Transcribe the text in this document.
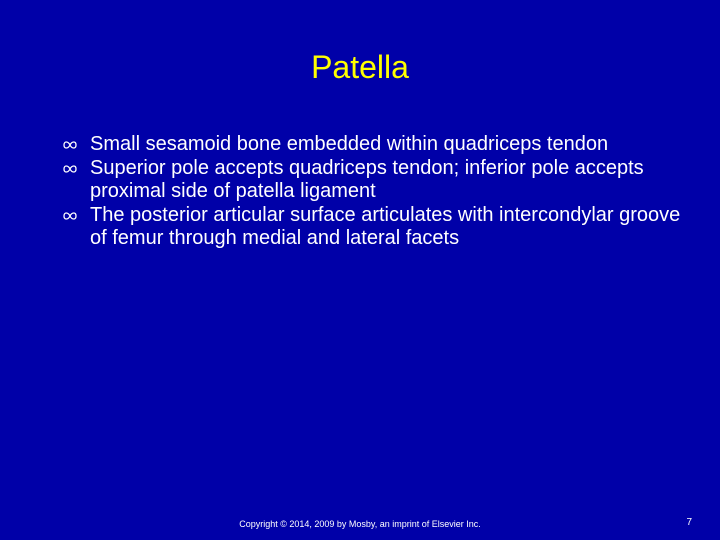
Patella
Small sesamoid bone embedded within quadriceps tendon
Superior pole accepts quadriceps tendon; inferior pole accepts proximal side of patella ligament
The posterior articular surface articulates with intercondylar groove of femur through medial and lateral facets
Copyright © 2014, 2009 by Mosby, an imprint of Elsevier Inc.	7
